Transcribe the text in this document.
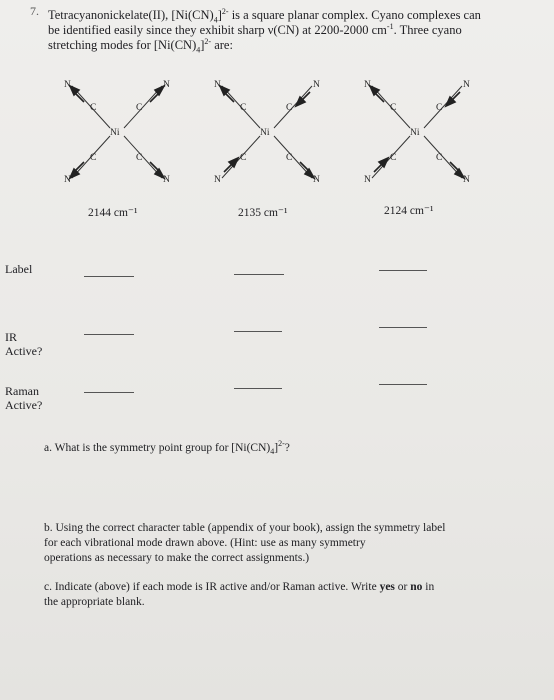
7. Tetracyanonickelate(II), $[Ni(CN)_4]^{2-}$ is a square planar complex. Cyano complexes can
be identified easily since they exhibit sharp ν(CN) at 2200-2000 $cm^{-1}$. Three cyano
stretching modes for $[Ni(CN)_4]^{2-}$ are:
N	N
C	C
Ni
C	C
N	N
N	N
C	C
Ni
C	C
N	N
N	N
C	C
Ni
C	C
N	N
2144 cm⁻¹	2135 cm⁻¹	2124 cm⁻¹
Label
IR
Active?
Raman
Active?
a. What is the symmetry point group for $[Ni(CN)_4]^{2-}$?
b. Using the correct character table (appendix of your book), assign the symmetry label
for each vibrational mode drawn above. (Hint: use as many symmetry
operations as necessary to make the correct assignments.)
c. Indicate (above) if each mode is IR active and/or Raman active. Write yes or no in
the appropriate blank.
